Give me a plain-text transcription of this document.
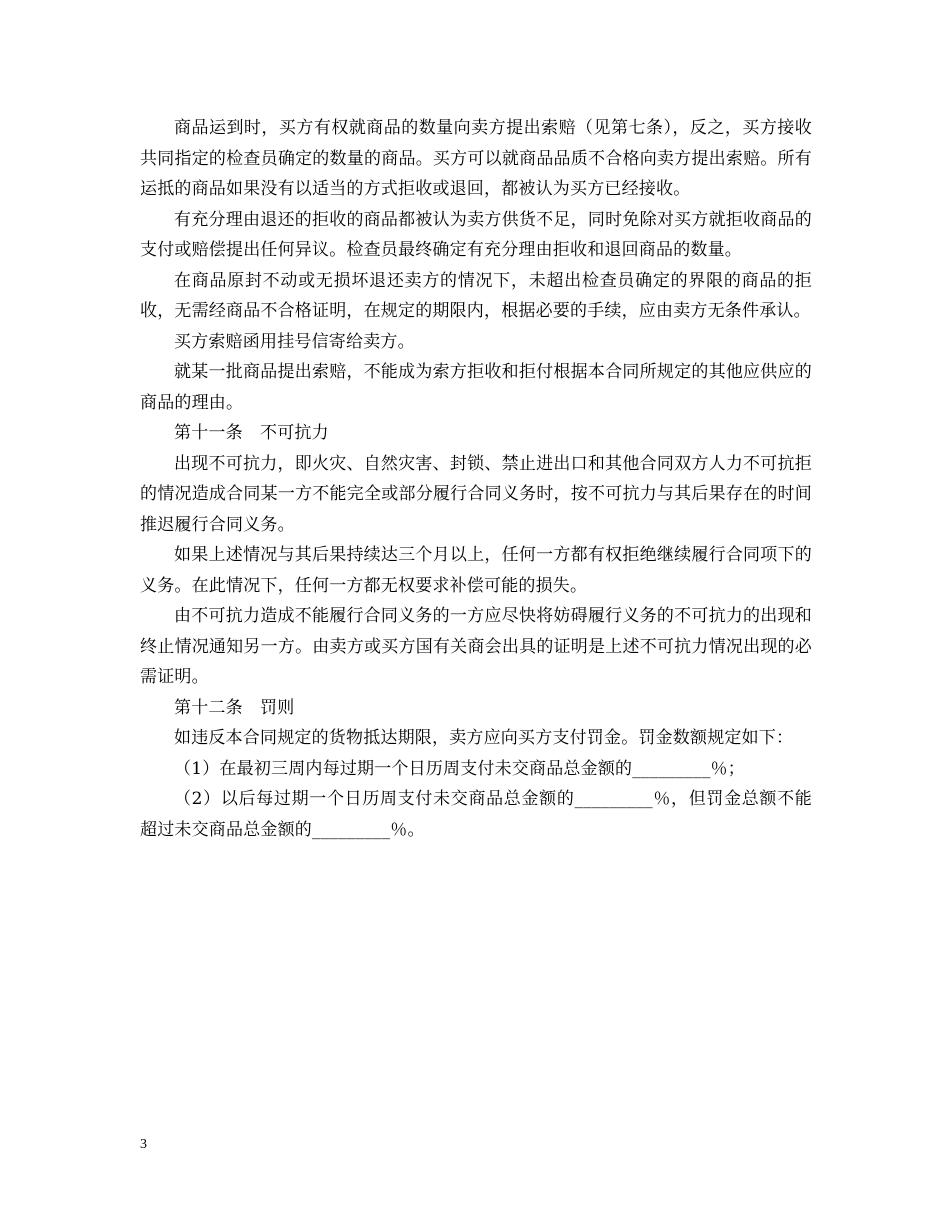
商品运到时，买方有权就商品的数量向卖方提出索赔（见第七条），反之，买方接收共同指定的检查员确定的数量的商品。买方可以就商品品质不合格向卖方提出索赔。所有运抵的商品如果没有以适当的方式拒收或退回，都被认为买方已经接收。

有充分理由退还的拒收的商品都被认为卖方供货不足，同时免除对买方就拒收商品的支付或赔偿提出任何异议。检查员最终确定有充分理由拒收和退回商品的数量。

在商品原封不动或无损坏退还卖方的情况下，未超出检查员确定的界限的商品的拒收，无需经商品不合格证明，在规定的期限内，根据必要的手续，应由卖方无条件承认。

买方索赔函用挂号信寄给卖方。

就某一批商品提出索赔，不能成为索方拒收和拒付根据本合同所规定的其他应供应的商品的理由。

第十一条　不可抗力

出现不可抗力，即火灾、自然灾害、封锁、禁止进出口和其他合同双方人力不可抗拒的情况造成合同某一方不能完全或部分履行合同义务时，按不可抗力与其后果存在的时间推迟履行合同义务。

如果上述情况与其后果持续达三个月以上，任何一方都有权拒绝继续履行合同项下的义务。在此情况下，任何一方都无权要求补偿可能的损失。

由不可抗力造成不能履行合同义务的一方应尽快将妨碍履行义务的不可抗力的出现和终止情况通知另一方。由卖方或买方国有关商会出具的证明是上述不可抗力情况出现的必需证明。

第十二条　罚则

如违反本合同规定的货物抵达期限，卖方应向买方支付罚金。罚金数额规定如下：

（1）在最初三周内每过期一个日历周支付未交商品总金额的_________％；

（2）以后每过期一个日历周支付未交商品总金额的_________％，但罚金总额不能超过未交商品总金额的_________％。

3
